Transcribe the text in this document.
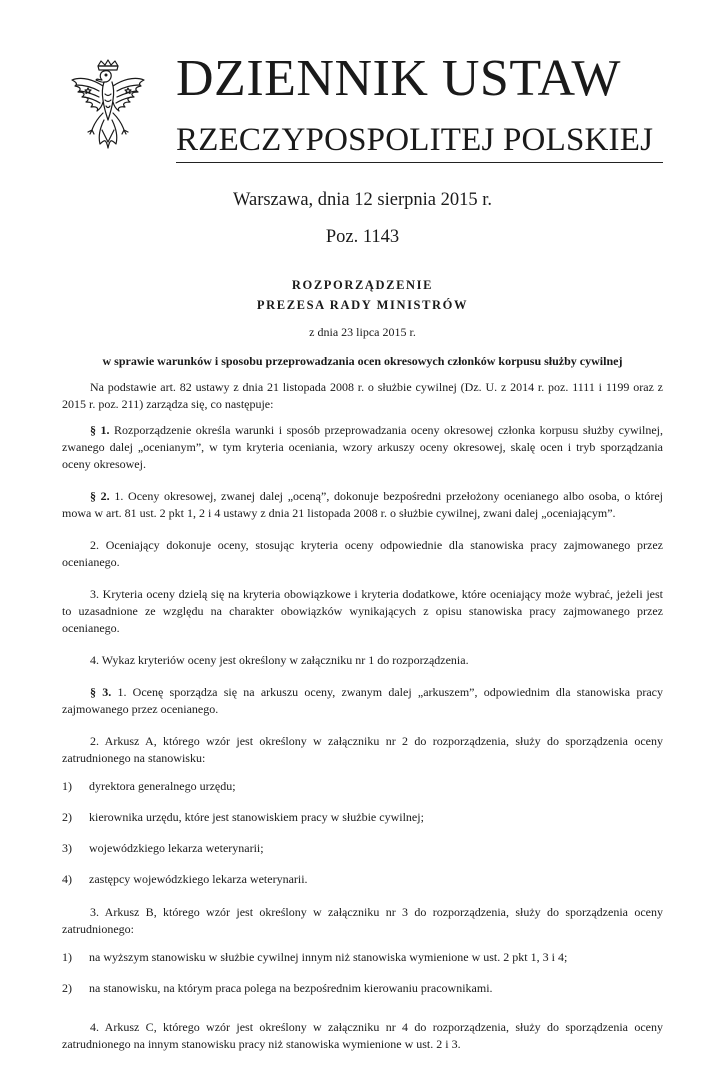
DZIENNIK USTAW
RZECZYPOSPOLITEJ POLSKIEJ
Warszawa, dnia 12 sierpnia 2015 r.
Poz. 1143
ROZPORZĄDZENIE
PREZESA RADY MINISTRÓW
z dnia 23 lipca 2015 r.
w sprawie warunków i sposobu przeprowadzania ocen okresowych członków korpusu służby cywilnej

Na podstawie art. 82 ustawy z dnia 21 listopada 2008 r. o służbie cywilnej (Dz. U. z 2014 r. poz. 1111 i 1199 oraz z 2015 r. poz. 211) zarządza się, co następuje:

§ 1. Rozporządzenie określa warunki i sposób przeprowadzania oceny okresowej członka korpusu służby cywilnej, zwanego dalej „ocenianym”, w tym kryteria oceniania, wzory arkuszy oceny okresowej, skalę ocen i tryb sporządzania oceny okresowej.

§ 2. 1. Oceny okresowej, zwanej dalej „oceną”, dokonuje bezpośredni przełożony ocenianego albo osoba, o której mowa w art. 81 ust. 2 pkt 1, 2 i 4 ustawy z dnia 21 listopada 2008 r. o służbie cywilnej, zwani dalej „oceniającym”.

2. Oceniający dokonuje oceny, stosując kryteria oceny odpowiednie dla stanowiska pracy zajmowanego przez ocenianego.

3. Kryteria oceny dzielą się na kryteria obowiązkowe i kryteria dodatkowe, które oceniający może wybrać, jeżeli jest to uzasadnione ze względu na charakter obowiązków wynikających z opisu stanowiska pracy zajmowanego przez ocenianego.

4. Wykaz kryteriów oceny jest określony w załączniku nr 1 do rozporządzenia.

§ 3. 1. Ocenę sporządza się na arkuszu oceny, zwanym dalej „arkuszem”, odpowiednim dla stanowiska pracy zajmowanego przez ocenianego.

2. Arkusz A, którego wzór jest określony w załączniku nr 2 do rozporządzenia, służy do sporządzenia oceny zatrudnionego na stanowisku:

1)	dyrektora generalnego urzędu;
2)	kierownika urzędu, które jest stanowiskiem pracy w służbie cywilnej;
3)	wojewódzkiego lekarza weterynarii;
4)	zastępcy wojewódzkiego lekarza weterynarii.

3. Arkusz B, którego wzór jest określony w załączniku nr 3 do rozporządzenia, służy do sporządzenia oceny zatrudnionego:

1)	na wyższym stanowisku w służbie cywilnej innym niż stanowiska wymienione w ust. 2 pkt 1, 3 i 4;
2)	na stanowisku, na którym praca polega na bezpośrednim kierowaniu pracownikami.

4. Arkusz C, którego wzór jest określony w załączniku nr 4 do rozporządzenia, służy do sporządzenia oceny zatrudnionego na innym stanowisku pracy niż stanowiska wymienione w ust. 2 i 3.
